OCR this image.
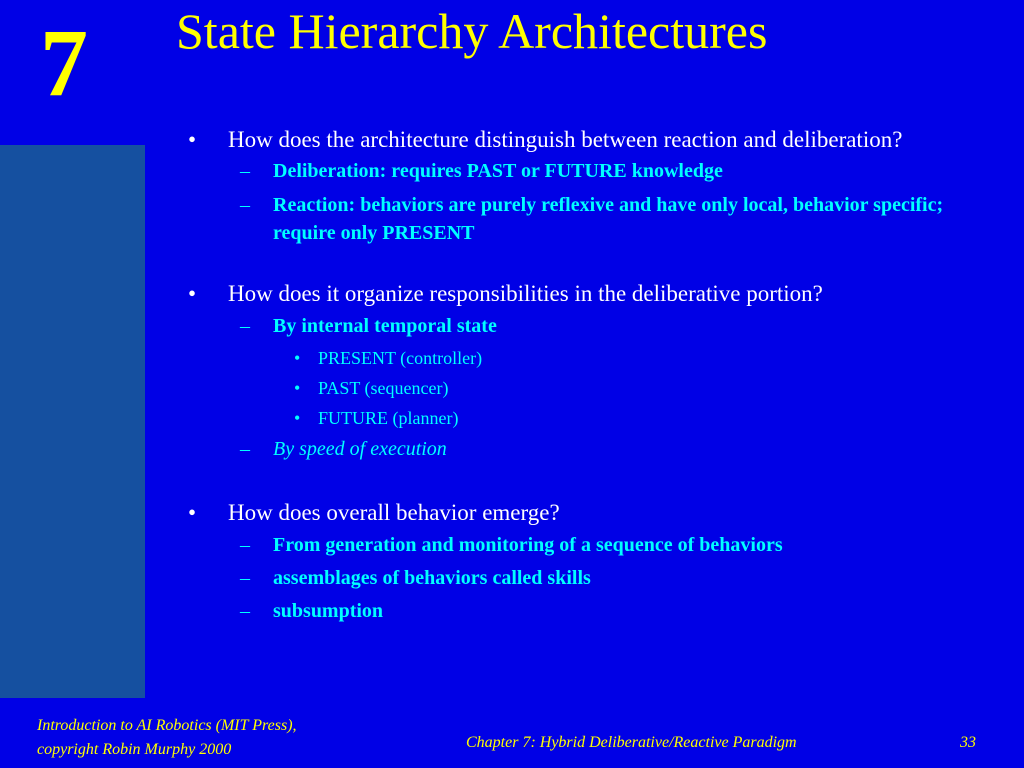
7 State Hierarchy Architectures
• How does the architecture distinguish between reaction and deliberation?
– Deliberation: requires PAST or FUTURE knowledge
– Reaction: behaviors are purely reflexive and have only local, behavior specific; require only PRESENT
• How does it organize responsibilities in the deliberative portion?
– By internal temporal state
• PRESENT (controller)
• PAST (sequencer)
• FUTURE (planner)
– By speed of execution
• How does overall behavior emerge?
– From generation and monitoring of a sequence of behaviors
– assemblages of behaviors called skills
– subsumption
Introduction to AI Robotics (MIT Press),
copyright Robin Murphy 2000	Chapter 7: Hybrid Deliberative/Reactive Paradigm	33
